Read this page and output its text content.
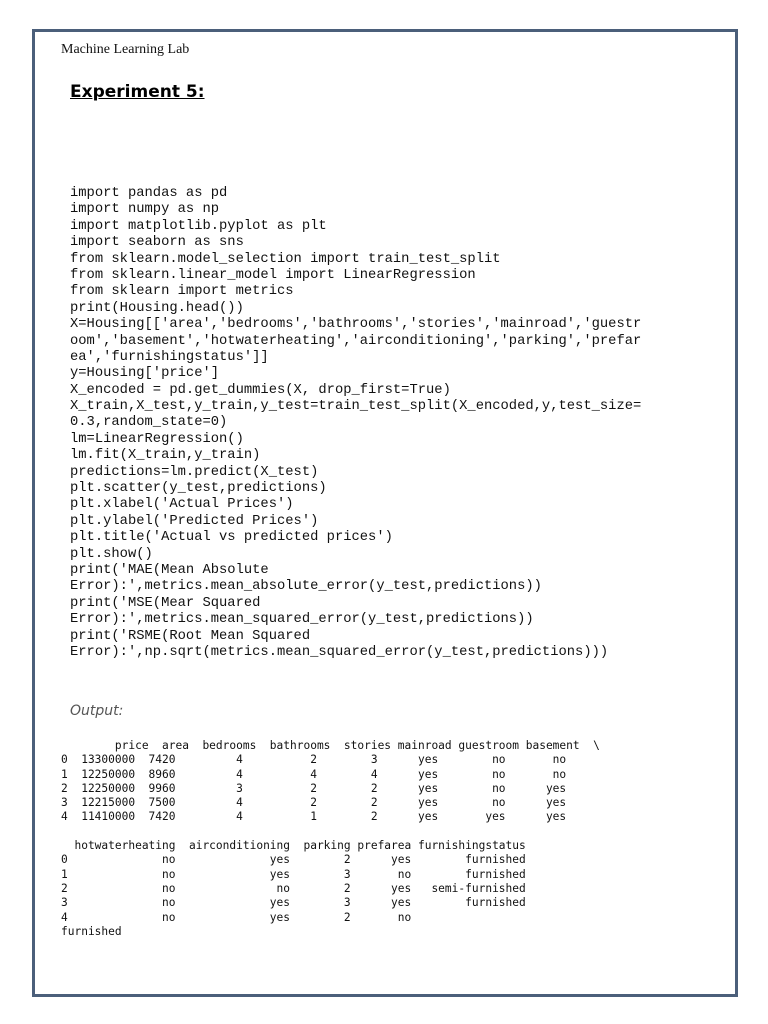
Machine Learning Lab
Experiment 5:
import pandas as pd
import numpy as np
import matplotlib.pyplot as plt
import seaborn as sns
from sklearn.model_selection import train_test_split
from sklearn.linear_model import LinearRegression
from sklearn import metrics
print(Housing.head())
X=Housing[['area','bedrooms','bathrooms','stories','mainroad','guestr
oom','basement','hotwaterheating','airconditioning','parking','prefar
ea','furnishingstatus']]
y=Housing['price']
X_encoded = pd.get_dummies(X, drop_first=True)
X_train,X_test,y_train,y_test=train_test_split(X_encoded,y,test_size=
0.3,random_state=0)
lm=LinearRegression()
lm.fit(X_train,y_train)
predictions=lm.predict(X_test)
plt.scatter(y_test,predictions)
plt.xlabel('Actual Prices')
plt.ylabel('Predicted Prices')
plt.title('Actual vs predicted prices')
plt.show()
print('MAE(Mean Absolute
Error):',metrics.mean_absolute_error(y_test,predictions))
print('MSE(Mear Squared
Error):',metrics.mean_squared_error(y_test,predictions))
print('RSME(Root Mean Squared
Error):',np.sqrt(metrics.mean_squared_error(y_test,predictions)))
Output:
price  area  bedrooms  bathrooms  stories mainroad guestroom basement  \
0  13300000  7420         4          2        3      yes        no       no
1  12250000  8960         4          4        4      yes        no       no
2  12250000  9960         3          2        2      yes        no      yes
3  12215000  7500         4          2        2      yes        no      yes
4  11410000  7420         4          1        2      yes       yes      yes
hotwaterheating  airconditioning  parking prefarea furnishingstatus
0              no              yes        2      yes        furnished
1              no              yes        3       no        furnished
2              no               no        2      yes   semi-furnished
3              no              yes        3      yes        furnished
4              no              yes        2       no
furnished
